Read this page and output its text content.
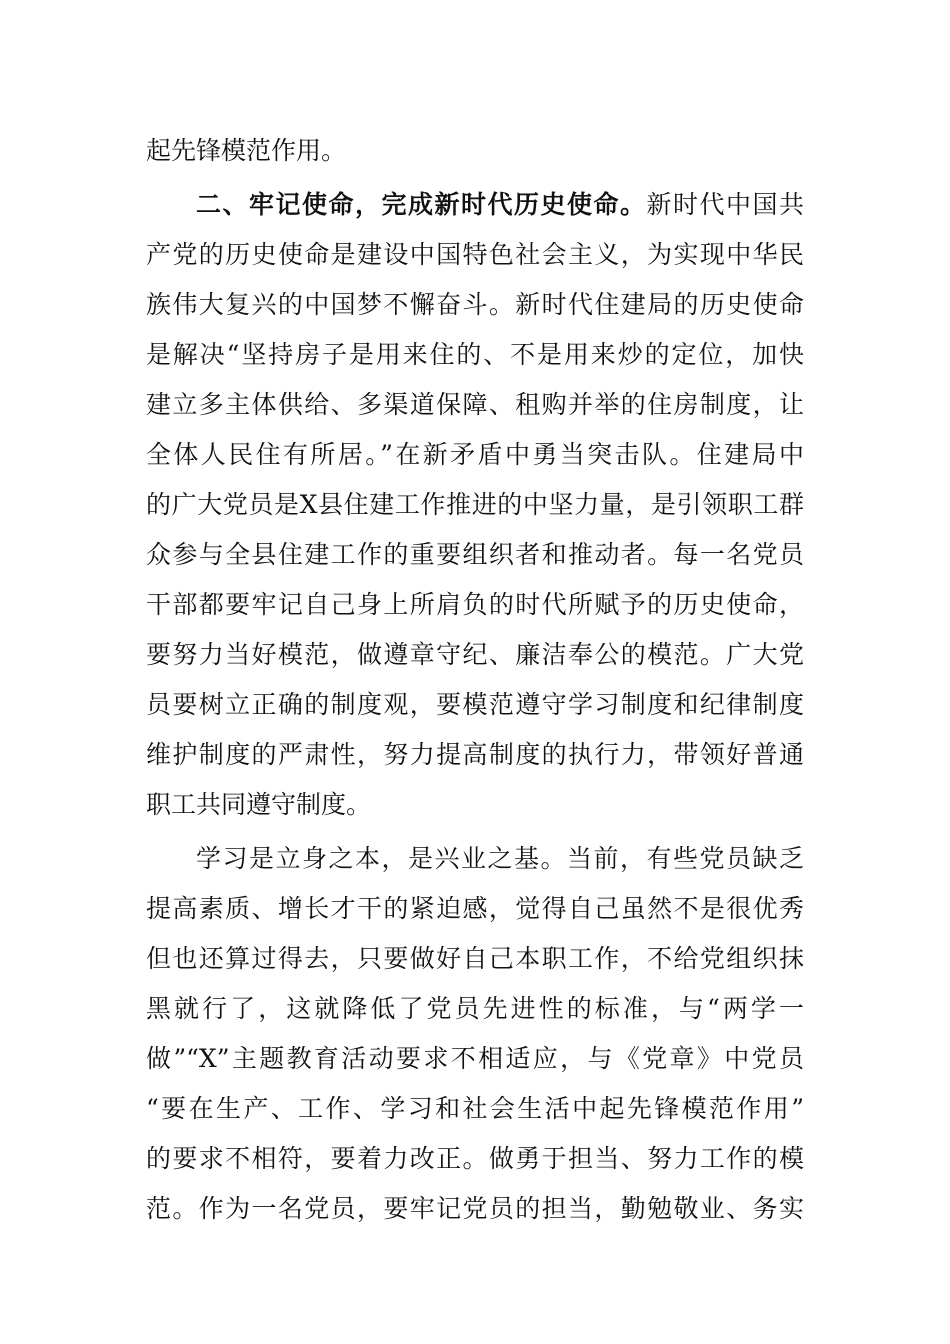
起先锋模范作用。
二、牢记使命，完成新时代历史使命。新时代中国共
产党的历史使命是建设中国特色社会主义，为实现中华民
族伟大复兴的中国梦不懈奋斗。新时代住建局的历史使命
是解决“坚持房子是用来住的、不是用来炒的定位，加快
建立多主体供给、多渠道保障、租购并举的住房制度，让
全体人民住有所居。”在新矛盾中勇当突击队。住建局中
的广大党员是X县住建工作推进的中坚力量，是引领职工群
众参与全县住建工作的重要组织者和推动者。每一名党员
干部都要牢记自己身上所肩负的时代所赋予的历史使命，
要努力当好模范，做遵章守纪、廉洁奉公的模范。广大党
员要树立正确的制度观，要模范遵守学习制度和纪律制度
维护制度的严肃性，努力提高制度的执行力，带领好普通
职工共同遵守制度。
学习是立身之本，是兴业之基。当前，有些党员缺乏
提高素质、增长才干的紧迫感，觉得自己虽然不是很优秀
但也还算过得去，只要做好自己本职工作，不给党组织抹
黑就行了，这就降低了党员先进性的标准，与“两学一
做”“X”主题教育活动要求不相适应，与《党章》中党员
“要在生产、工作、学习和社会生活中起先锋模范作用”
的要求不相符，要着力改正。做勇于担当、努力工作的模
范。作为一名党员，要牢记党员的担当，勤勉敬业、务实
